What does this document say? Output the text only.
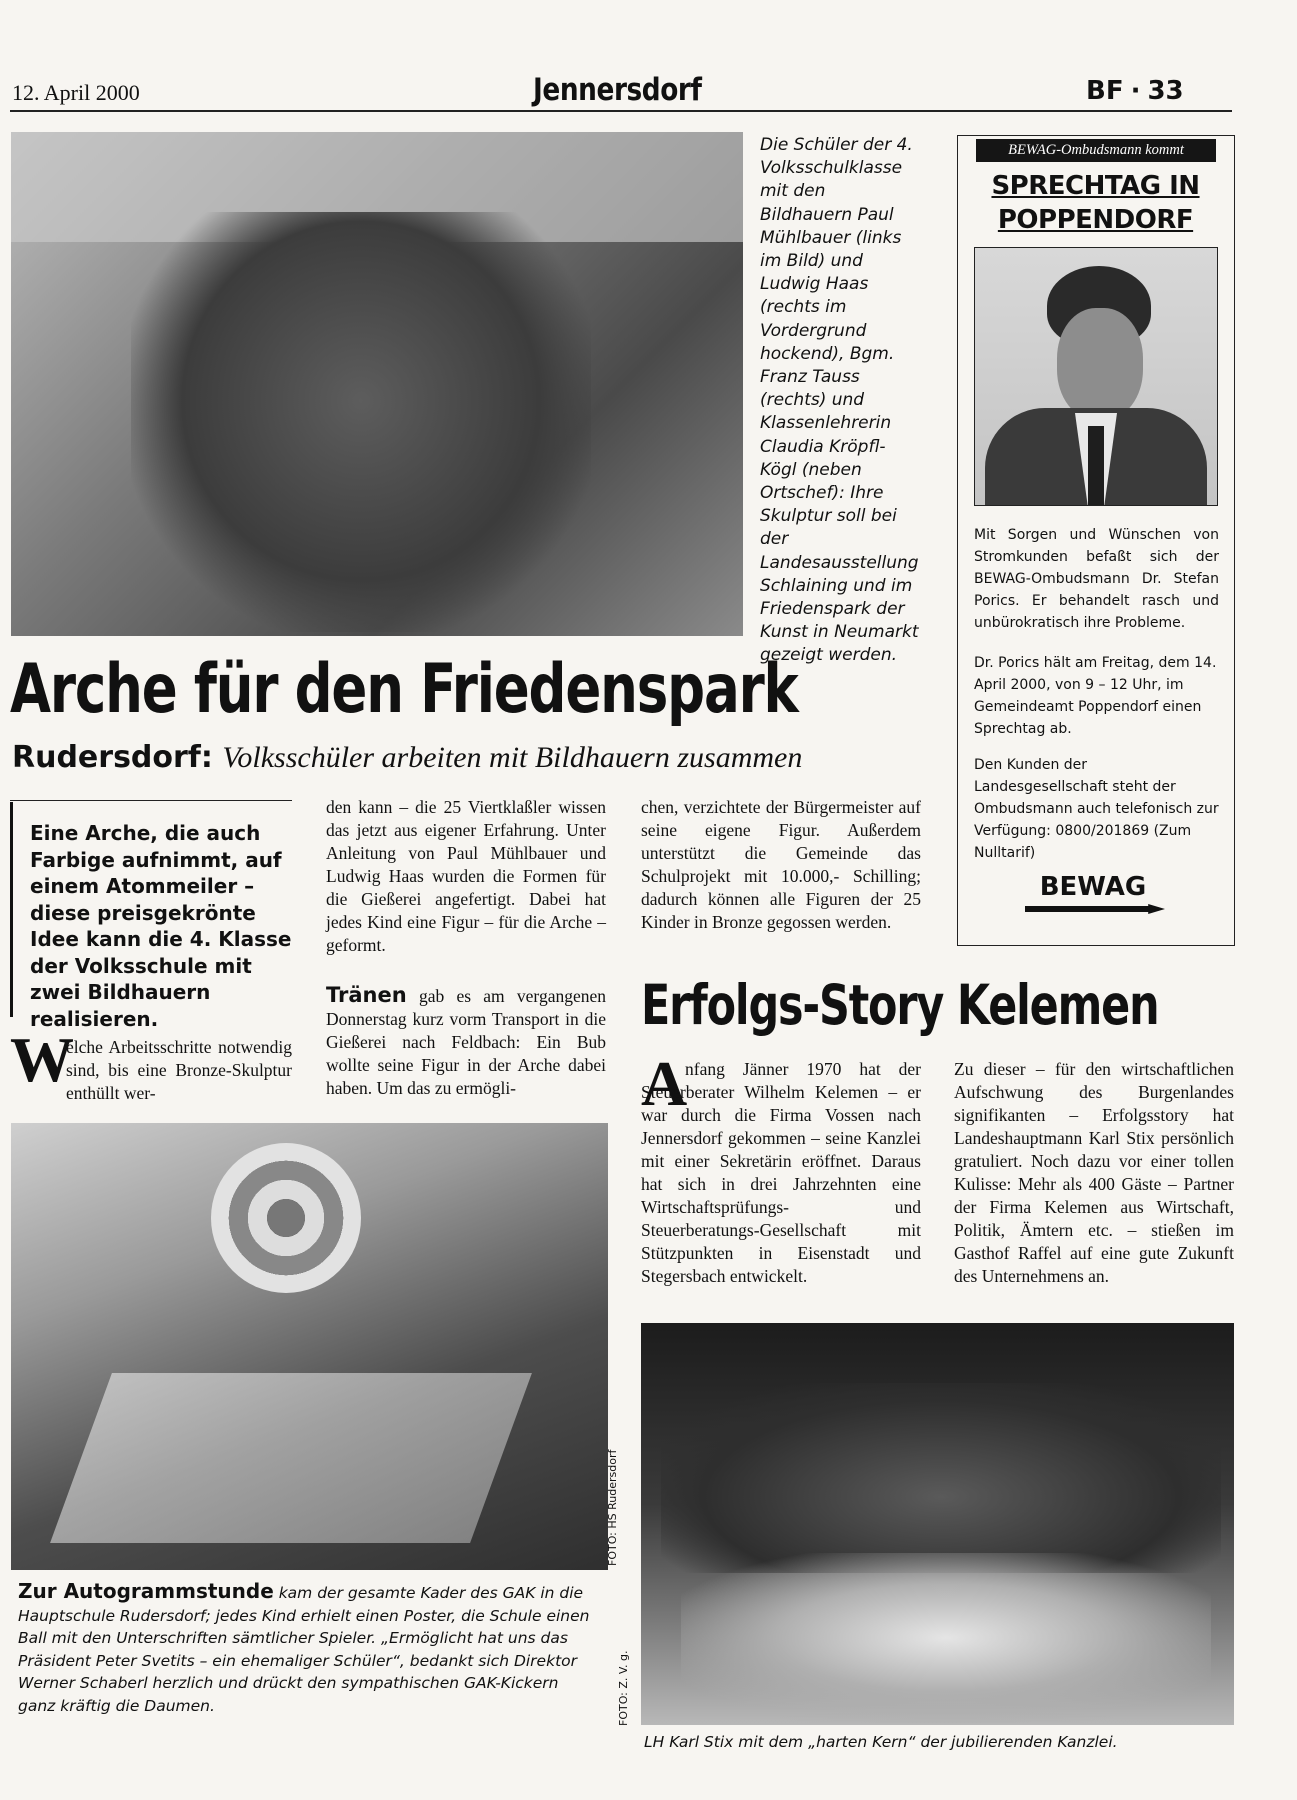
12. April 2000	Jennersdorf	BF · 33
Die Schüler der 4. Volksschulklasse mit den Bildhauern Paul Mühlbauer (links im Bild) und Ludwig Haas (rechts im Vordergrund hockend), Bgm. Franz Tauss (rechts) und Klassenlehrerin Claudia Kröpfl-Kögl (neben Ortschef): Ihre Skulptur soll bei der Landesausstellung Schlaining und im Friedenspark der Kunst in Neumarkt gezeigt werden.
Arche für den Friedenspark
Rudersdorf: Volksschüler arbeiten mit Bildhauern zusammen
Eine Arche, die auch Farbige aufnimmt, auf einem Atommeiler – diese preisgekrönte Idee kann die 4. Klasse der Volksschule mit zwei Bildhauern realisieren.
W
elche Arbeitsschritte notwendig sind, bis eine Bronze-Skulptur enthüllt wer-
den kann – die 25 Viertklaßler wissen das jetzt aus eigener Erfahrung. Unter Anleitung von Paul Mühlbauer und Ludwig Haas wurden die Formen für die Gießerei angefertigt. Dabei hat jedes Kind eine Figur – für die Arche – geformt.
Tränen gab es am vergangenen Donnerstag kurz vorm Transport in die Gießerei nach Feldbach: Ein Bub wollte seine Figur in der Arche dabei haben. Um das zu ermögli-
chen, verzichtete der Bürgermeister auf seine eigene Figur. Außerdem unterstützt die Gemeinde das Schulprojekt mit 10.000,- Schilling; dadurch können alle Figuren der 25 Kinder in Bronze gegossen werden.
BEWAG-Ombudsmann kommt
SPRECHTAG IN
POPPENDORF
Mit Sorgen und Wünschen von Stromkunden befaßt sich der BEWAG-Ombudsmann Dr. Stefan Porics. Er behandelt rasch und unbürokratisch ihre Probleme.
Dr. Porics hält am Freitag, dem 14. April 2000, von 9 – 12 Uhr, im Gemeindeamt Poppendorf einen Sprechtag ab.
Den Kunden der Landesgesellschaft steht der Ombudsmann auch telefonisch zur Verfügung: 0800/201869 (Zum Nulltarif)
BEWAG
FOTO: HS Rudersdorf
Zur Autogrammstunde kam der gesamte Kader des GAK in die Hauptschule Rudersdorf; jedes Kind erhielt einen Poster, die Schule einen Ball mit den Unterschriften sämtlicher Spieler. „Ermöglicht hat uns das Präsident Peter Svetits – ein ehemaliger Schüler“, bedankt sich Direktor Werner Schaberl herzlich und drückt den sympathischen GAK-Kickern ganz kräftig die Daumen.
Erfolgs-Story Kelemen
A
nfang Jänner 1970 hat der Steuerberater Wilhelm Kelemen – er war durch die Firma Vossen nach Jennersdorf gekommen – seine Kanzlei mit einer Sekretärin eröffnet. Daraus hat sich in drei Jahrzehnten eine Wirtschaftsprüfungs- und Steuerberatungs-Gesellschaft mit Stützpunkten in Eisenstadt und Stegersbach entwickelt.
Zu dieser – für den wirtschaftlichen Aufschwung des Burgenlandes signifikanten – Erfolgsstory hat Landeshauptmann Karl Stix persönlich gratuliert. Noch dazu vor einer tollen Kulisse: Mehr als 400 Gäste – Partner der Firma Kelemen aus Wirtschaft, Politik, Ämtern etc. – stießen im Gasthof Raffel auf eine gute Zukunft des Unternehmens an.
FOTO: Z. V. g.
LH Karl Stix mit dem „harten Kern“ der jubilierenden Kanzlei.
